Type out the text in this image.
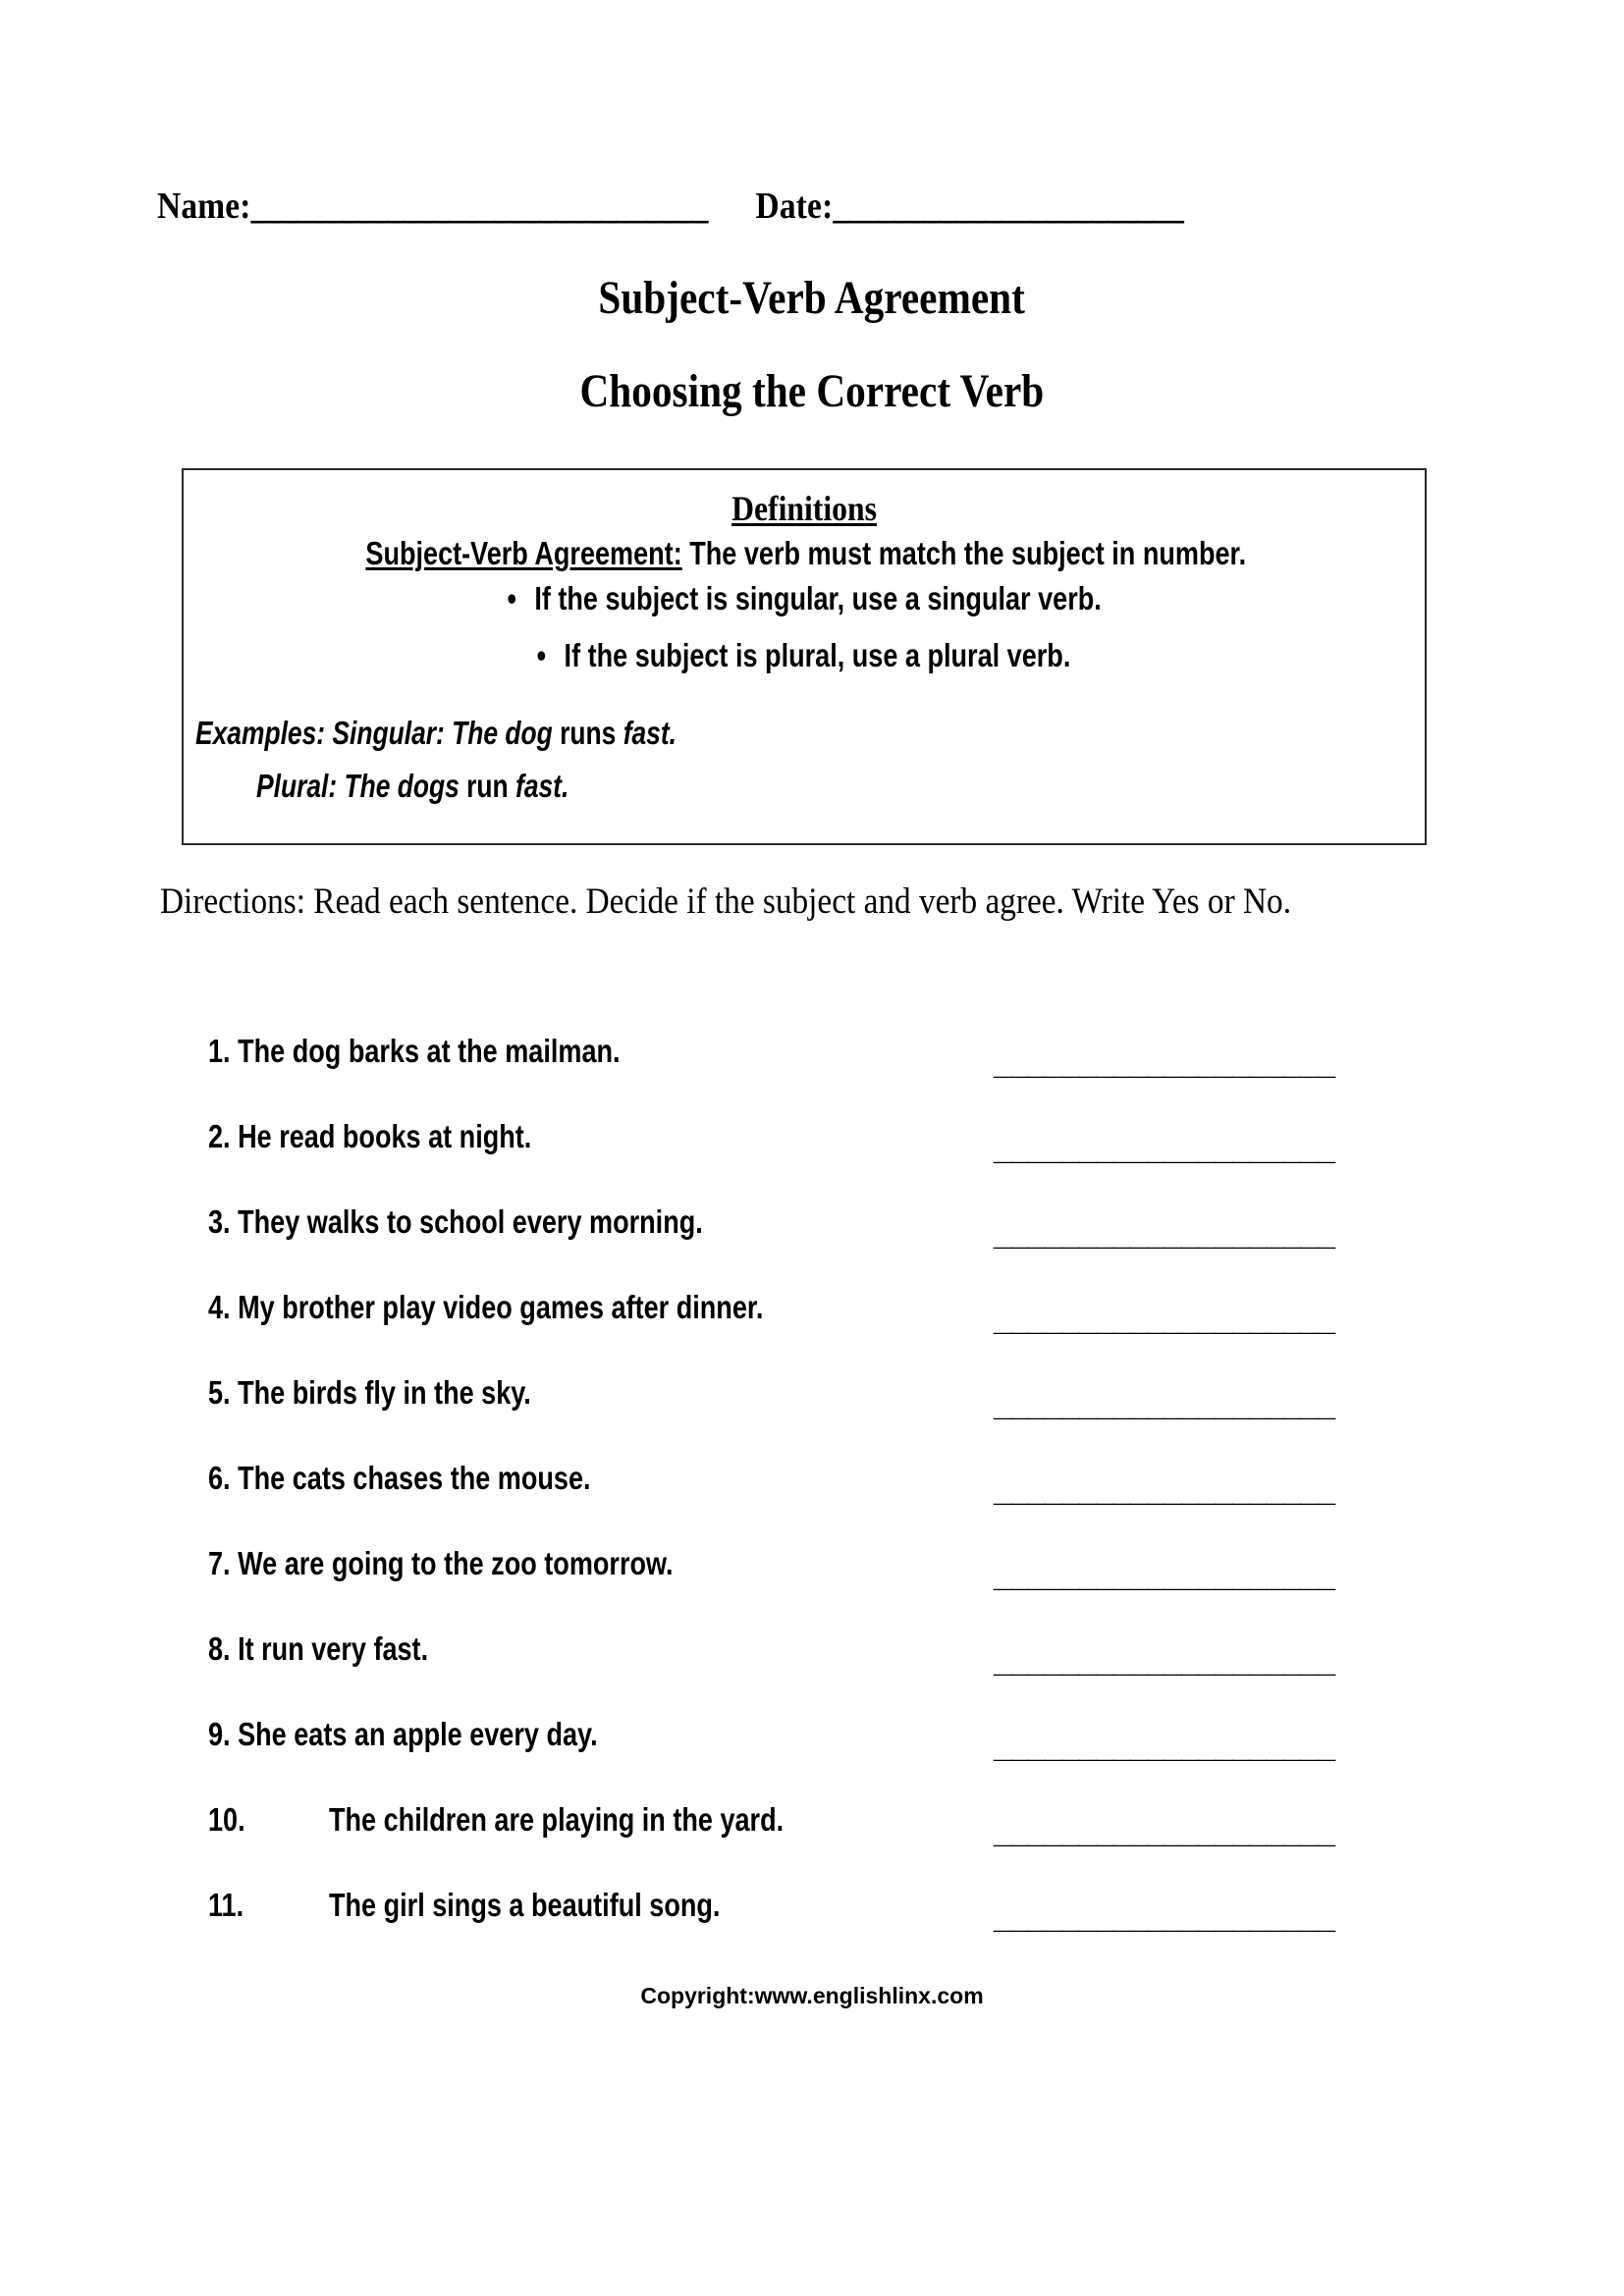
Name: ______________________________ Date: _______________________
Subject-Verb Agreement
Choosing the Correct Verb
Definitions
Subject-Verb Agreement: The verb must match the subject in number.
• If the subject is singular, use a singular verb.
• If the subject is plural, use a plural verb.
Examples: Singular: The dog runs fast.
Plural: The dogs run fast.
Directions: Read each sentence. Decide if the subject and verb agree. Write Yes or No.
1. The dog barks at the mailman.	____________________
2. He read books at night.	____________________
3. They walks to school every morning.	____________________
4. My brother play video games after dinner.	____________________
5. The birds fly in the sky.	____________________
6. The cats chases the mouse.	____________________
7. We are going to the zoo tomorrow.	____________________
8. It run very fast.	____________________
9. She eats an apple every day.	____________________
10.	The children are playing in the yard.	____________________
11.	The girl sings a beautiful song.	____________________
Copyright:www.englishlinx.com
